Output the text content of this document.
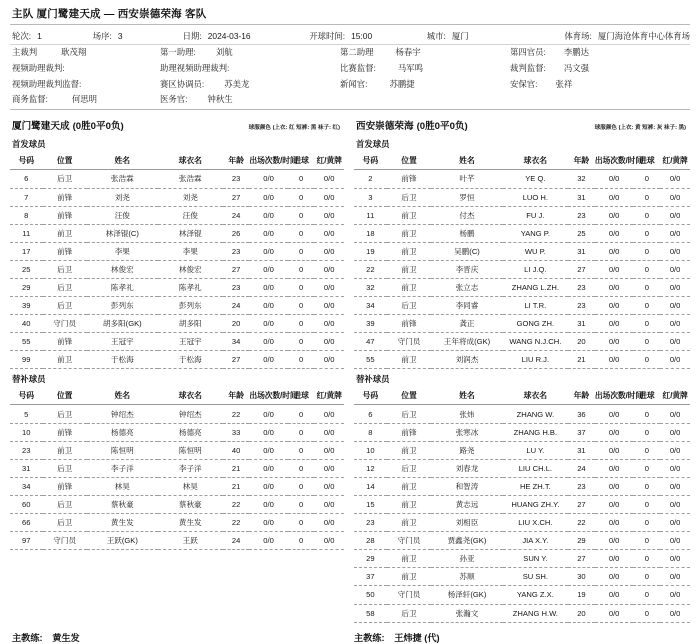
主队 厦门鹭建天成 — 西安崇德荣海 客队
轮次: 1	场序: 3	日期: 2024-03-16	开球时间: 15:00	城市: 厦门	体育场: 厦门海沧体育中心体育场
主裁判	耿茂翔	第一助理:	刘航	第二助理	杨春宇	第四官员:	李鹏达
视频助理裁判:	助理视频助理裁判:	比赛监督:	马军鸣	裁判监督:	冯文强
视频助理裁判监督:	赛区协调员:	苏美龙	新闻官:	苏鹏捷	安保官:	张祥
商务监督:	何思明	医务官:	钟秋生
厦门鹭建天成 (0胜0平0负)	球服颜色 (上衣: 红 短裤: 黑 袜子: 红)
首发球员
号码	位置	姓名	球衣名	年龄	出场次数/时间	进球	红/黄牌
6	后卫	张浩霖	张浩霖	23	0/0	0	0/0
7	前锋	刘尧	刘尧	27	0/0	0	0/0
8	前锋	汪俊	汪俊	24	0/0	0	0/0
11	前卫	林泽锟(C)	林泽锟	26	0/0	0	0/0
17	前锋	李果	李果	23	0/0	0	0/0
25	后卫	林俊宏	林俊宏	27	0/0	0	0/0
29	后卫	陈孝礼	陈孝礼	23	0/0	0	0/0
39	后卫	彭列东	彭列东	24	0/0	0	0/0
40	守门员	胡多阳(GK)	胡多阳	20	0/0	0	0/0
55	前锋	王冠宇	王冠宇	34	0/0	0	0/0
99	前卫	于松海	于松海	27	0/0	0	0/0
替补球员
号码	位置	姓名	球衣名	年龄	出场次数/时间	进球	红/黄牌
5	后卫	钟绍杰	钟绍杰	22	0/0	0	0/0
10	前锋	杨德亮	杨德亮	33	0/0	0	0/0
23	前卫	陈恒明	陈恒明	40	0/0	0	0/0
31	后卫	李子洋	李子洋	21	0/0	0	0/0
34	前锋	林昊	林昊	21	0/0	0	0/0
60	后卫	蔡秋豪	蔡秋豪	22	0/0	0	0/0
66	后卫	黄生发	黄生发	22	0/0	0	0/0
97	守门员	王跃(GK)	王跃	24	0/0	0	0/0
西安崇德荣海 (0胜0平0负)	球服颜色 (上衣: 黄 短裤: 灰 袜子: 黑)
首发球员
号码	位置	姓名	球衣名	年龄	出场次数/时间	进球	红/黄牌
2	前锋	叶芊	YE Q.	32	0/0	0	0/0
3	后卫	罗恒	LUO H.	31	0/0	0	0/0
11	前卫	付杰	FU J.	23	0/0	0	0/0
18	前卫	杨鹏	YANG P.	25	0/0	0	0/0
19	前卫	吴鹏(C)	WU P.	31	0/0	0	0/0
22	前卫	李晋庆	LI J.Q.	27	0/0	0	0/0
32	前卫	张立志	ZHANG L.ZH.	23	0/0	0	0/0
34	后卫	李同睿	LI T.R.	23	0/0	0	0/0
39	前锋	龚正	GONG ZH.	31	0/0	0	0/0
47	守门员	王年将成(GK)	WANG N.J.CH.	20	0/0	0	0/0
55	前卫	刘润杰	LIU R.J.	21	0/0	0	0/0
替补球员
号码	位置	姓名	球衣名	年龄	出场次数/时间	进球	红/黄牌
6	后卫	张炜	ZHANG W.	36	0/0	0	0/0
8	前锋	张寒冰	ZHANG H.B.	37	0/0	0	0/0
10	前卫	路尧	LU Y.	31	0/0	0	0/0
12	后卫	刘春龙	LIU CH.L.	24	0/0	0	0/0
14	前卫	和智涛	HE ZH.T.	23	0/0	0	0/0
15	前卫	黄志远	HUANG ZH.Y.	27	0/0	0	0/0
23	前卫	刘相臣	LIU X.CH.	22	0/0	0	0/0
28	守门员	贾鑫尧(GK)	JIA X.Y.	29	0/0	0	0/0
29	前卫	孙亚	SUN Y.	27	0/0	0	0/0
37	前卫	苏顺	SU SH.	30	0/0	0	0/0
50	守门员	杨泽轩(GK)	YANG Z.X.	19	0/0	0	0/0
58	后卫	张瀚文	ZHANG H.W.	20	0/0	0	0/0
主教练: 黄生发	主教练: 王炜捷 (代)
